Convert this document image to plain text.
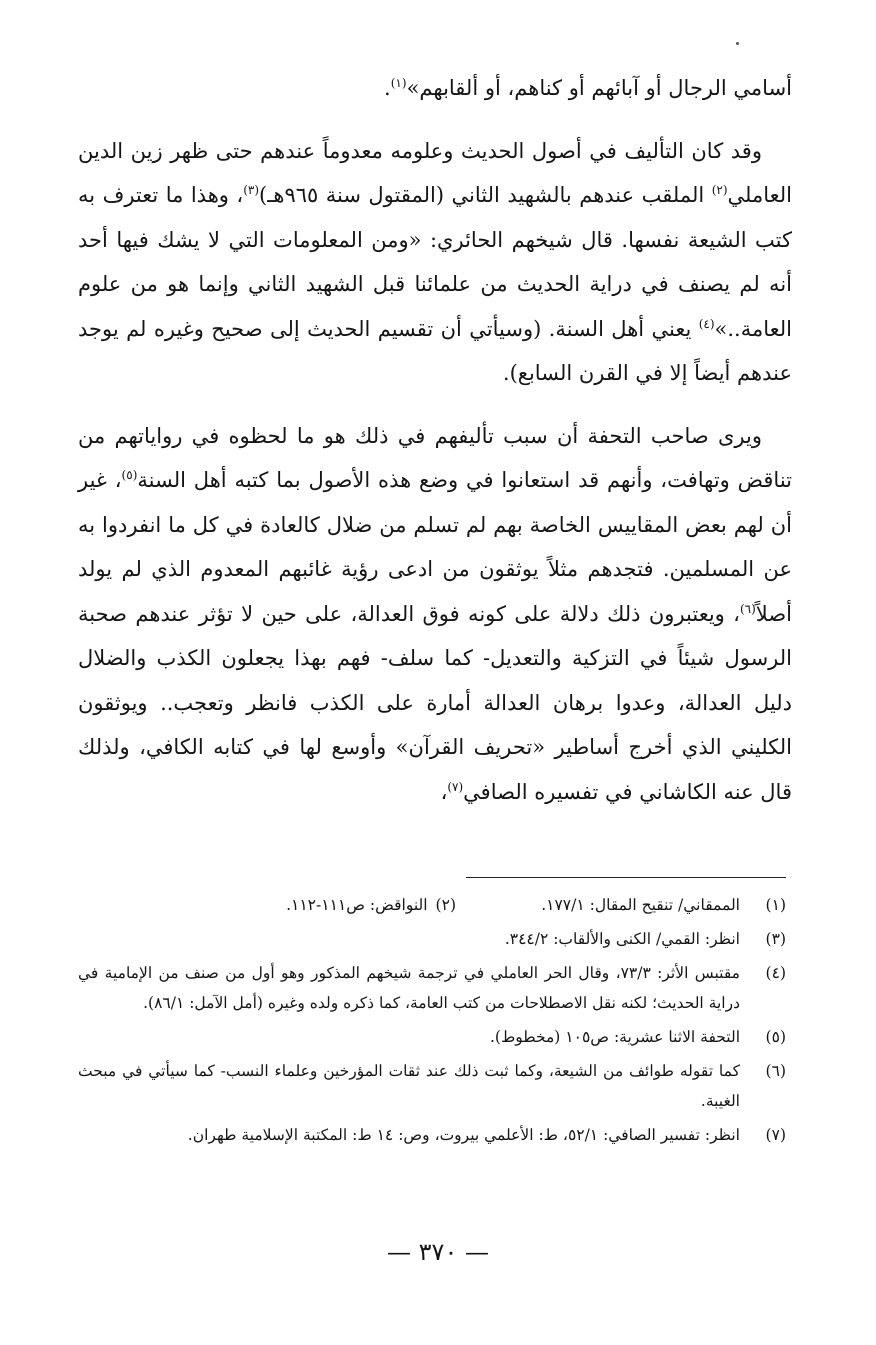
أسامي الرجال أو آبائهم أو كناهم، أو ألقابهم»$^{(١)}$.

وقد كان التأليف في أصول الحديث وعلومه معدوماً عندهم حتى ظهر زين الدين العاملي$^{(٢)}$ الملقب عندهم بالشهيد الثاني (المقتول سنة ٩٦٥هـ)$^{(٣)}$، وهذا ما تعترف به كتب الشيعة نفسها. قال شيخهم الحائري: «ومن المعلومات التي لا يشك فيها أحد أنه لم يصنف في دراية الحديث من علمائنا قبل الشهيد الثاني وإنما هو من علوم العامة..»$^{(٤)}$ يعني أهل السنة. (وسيأتي أن تقسيم الحديث إلى صحيح وغيره لم يوجد عندهم أيضاً إلا في القرن السابع).

ويرى صاحب التحفة أن سبب تأليفهم في ذلك هو ما لحظوه في رواياتهم من تناقض وتهافت، وأنهم قد استعانوا في وضع هذه الأصول بما كتبه أهل السنة$^{(٥)}$، غير أن لهم بعض المقاييس الخاصة بهم لم تسلم من ضلال كالعادة في كل ما انفردوا به عن المسلمين. فتجدهم مثلاً يوثقون من ادعى رؤية غائبهم المعدوم الذي لم يولد أصلاً$^{(٦)}$، ويعتبرون ذلك دلالة على كونه فوق العدالة، على حين لا تؤثر عندهم صحبة الرسول شيئاً في التزكية والتعديل- كما سلف- فهم بهذا يجعلون الكذب والضلال دليل العدالة، وعدوا برهان العدالة أمارة على الكذب فانظر وتعجب.. ويوثقون الكليني الذي أخرج أساطير «تحريف القرآن» وأوسع لها في كتابه الكافي، ولذلك قال عنه الكاشاني في تفسيره الصافي$^{(٧)}$،

(١)
الممقاني/ تنقيح المقال: ١٧٧/١.
(٢)
النواقض: ص١١١-١١٢.
(٣)
انظر: القمي/ الكنى والألقاب: ٣٤٤/٢.
(٤)
مقتبس الأثر: ٧٣/٣، وقال الحر العاملي في ترجمة شيخهم المذكور وهو أول من صنف من الإمامية في دراية الحديث؛ لكنه نقل الاصطلاحات من كتب العامة، كما ذكره ولده وغيره (أمل الآمل: ٨٦/١).
(٥)
التحفة الاثنا عشرية: ص١٠٥ (مخطوط).
(٦)
كما تقوله طوائف من الشيعة، وكما ثبت ذلك عند ثقات المؤرخين وعلماء النسب- كما سيأتي في مبحث الغيبة.
(٧)
انظر: تفسير الصافي: ٥٢/١، ط: الأعلمي بيروت، وص: ١٤ ط: المكتبة الإسلامية طهران.
— ٣٧٠ —
